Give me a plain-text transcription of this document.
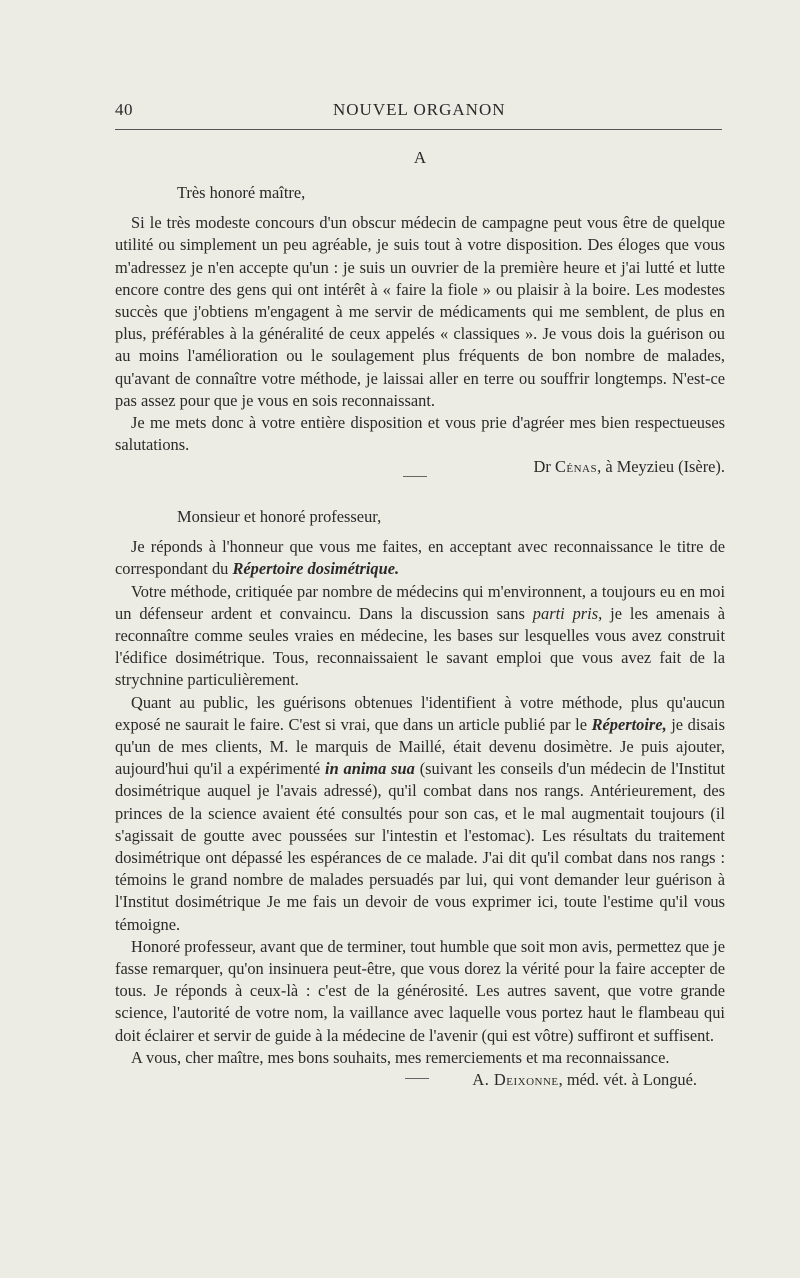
40	NOUVEL ORGANON
A

Très honoré maître,

Si le très modeste concours d'un obscur médecin de campagne peut vous être de quelque utilité ou simplement un peu agréable, je suis tout à votre disposition. Des éloges que vous m'adressez je n'en accepte qu'un : je suis un ouvrier de la première heure et j'ai lutté et lutte encore contre des gens qui ont intérêt à « faire la fiole » ou plaisir à la boire. Les modestes succès que j'obtiens m'engagent à me servir de médicaments qui me semblent, de plus en plus, préférables à la généralité de ceux appelés « classiques ». Je vous dois la guérison ou au moins l'amélioration ou le soulagement plus fréquents de bon nombre de malades, qu'avant de connaître votre méthode, je laissai aller en terre ou souffrir longtemps. N'est-ce pas assez pour que je vous en sois reconnaissant.

Je me mets donc à votre entière disposition et vous prie d'agréer mes bien respectueuses salutations.

Dr Cénas, à Meyzieu (Isère).

Monsieur et honoré professeur,

Je réponds à l'honneur que vous me faites, en acceptant avec reconnaissance le titre de correspondant du Répertoire dosimétrique.

Votre méthode, critiquée par nombre de médecins qui m'environnent, a toujours eu en moi un défenseur ardent et convaincu. Dans la discussion sans parti pris, je les amenais à reconnaître comme seules vraies en médecine, les bases sur lesquelles vous avez construit l'édifice dosimétrique. Tous, reconnaissaient le savant emploi que vous avez fait de la strychnine particulièrement.

Quant au public, les guérisons obtenues l'identifient à votre méthode, plus qu'aucun exposé ne saurait le faire. C'est si vrai, que dans un article publié par le Répertoire, je disais qu'un de mes clients, M. le marquis de Maillé, était devenu dosimètre. Je puis ajouter, aujourd'hui qu'il a expérimenté in anima sua (suivant les conseils d'un médecin de l'Institut dosimétrique auquel je l'avais adressé), qu'il combat dans nos rangs. Antérieurement, des princes de la science avaient été consultés pour son cas, et le mal augmentait toujours (il s'agissait de goutte avec poussées sur l'intestin et l'estomac). Les résultats du traitement dosimétrique ont dépassé les espérances de ce malade. J'ai dit qu'il combat dans nos rangs : témoins le grand nombre de malades persuadés par lui, qui vont demander leur guérison à l'Institut dosimétrique Je me fais un devoir de vous exprimer ici, toute l'estime qu'il vous témoigne.

Honoré professeur, avant que de terminer, tout humble que soit mon avis, permettez que je fasse remarquer, qu'on insinuera peut-être, que vous dorez la vérité pour la faire accepter de tous. Je réponds à ceux-là : c'est de la générosité. Les autres savent, que votre grande science, l'autorité de votre nom, la vaillance avec laquelle vous portez haut le flambeau qui doit éclairer et servir de guide à la médecine de l'avenir (qui est vôtre) suffiront et suffisent.

A vous, cher maître, mes bons souhaits, mes remerciements et ma reconnaissance.

A. Deixonne, méd. vét. à Longué.
